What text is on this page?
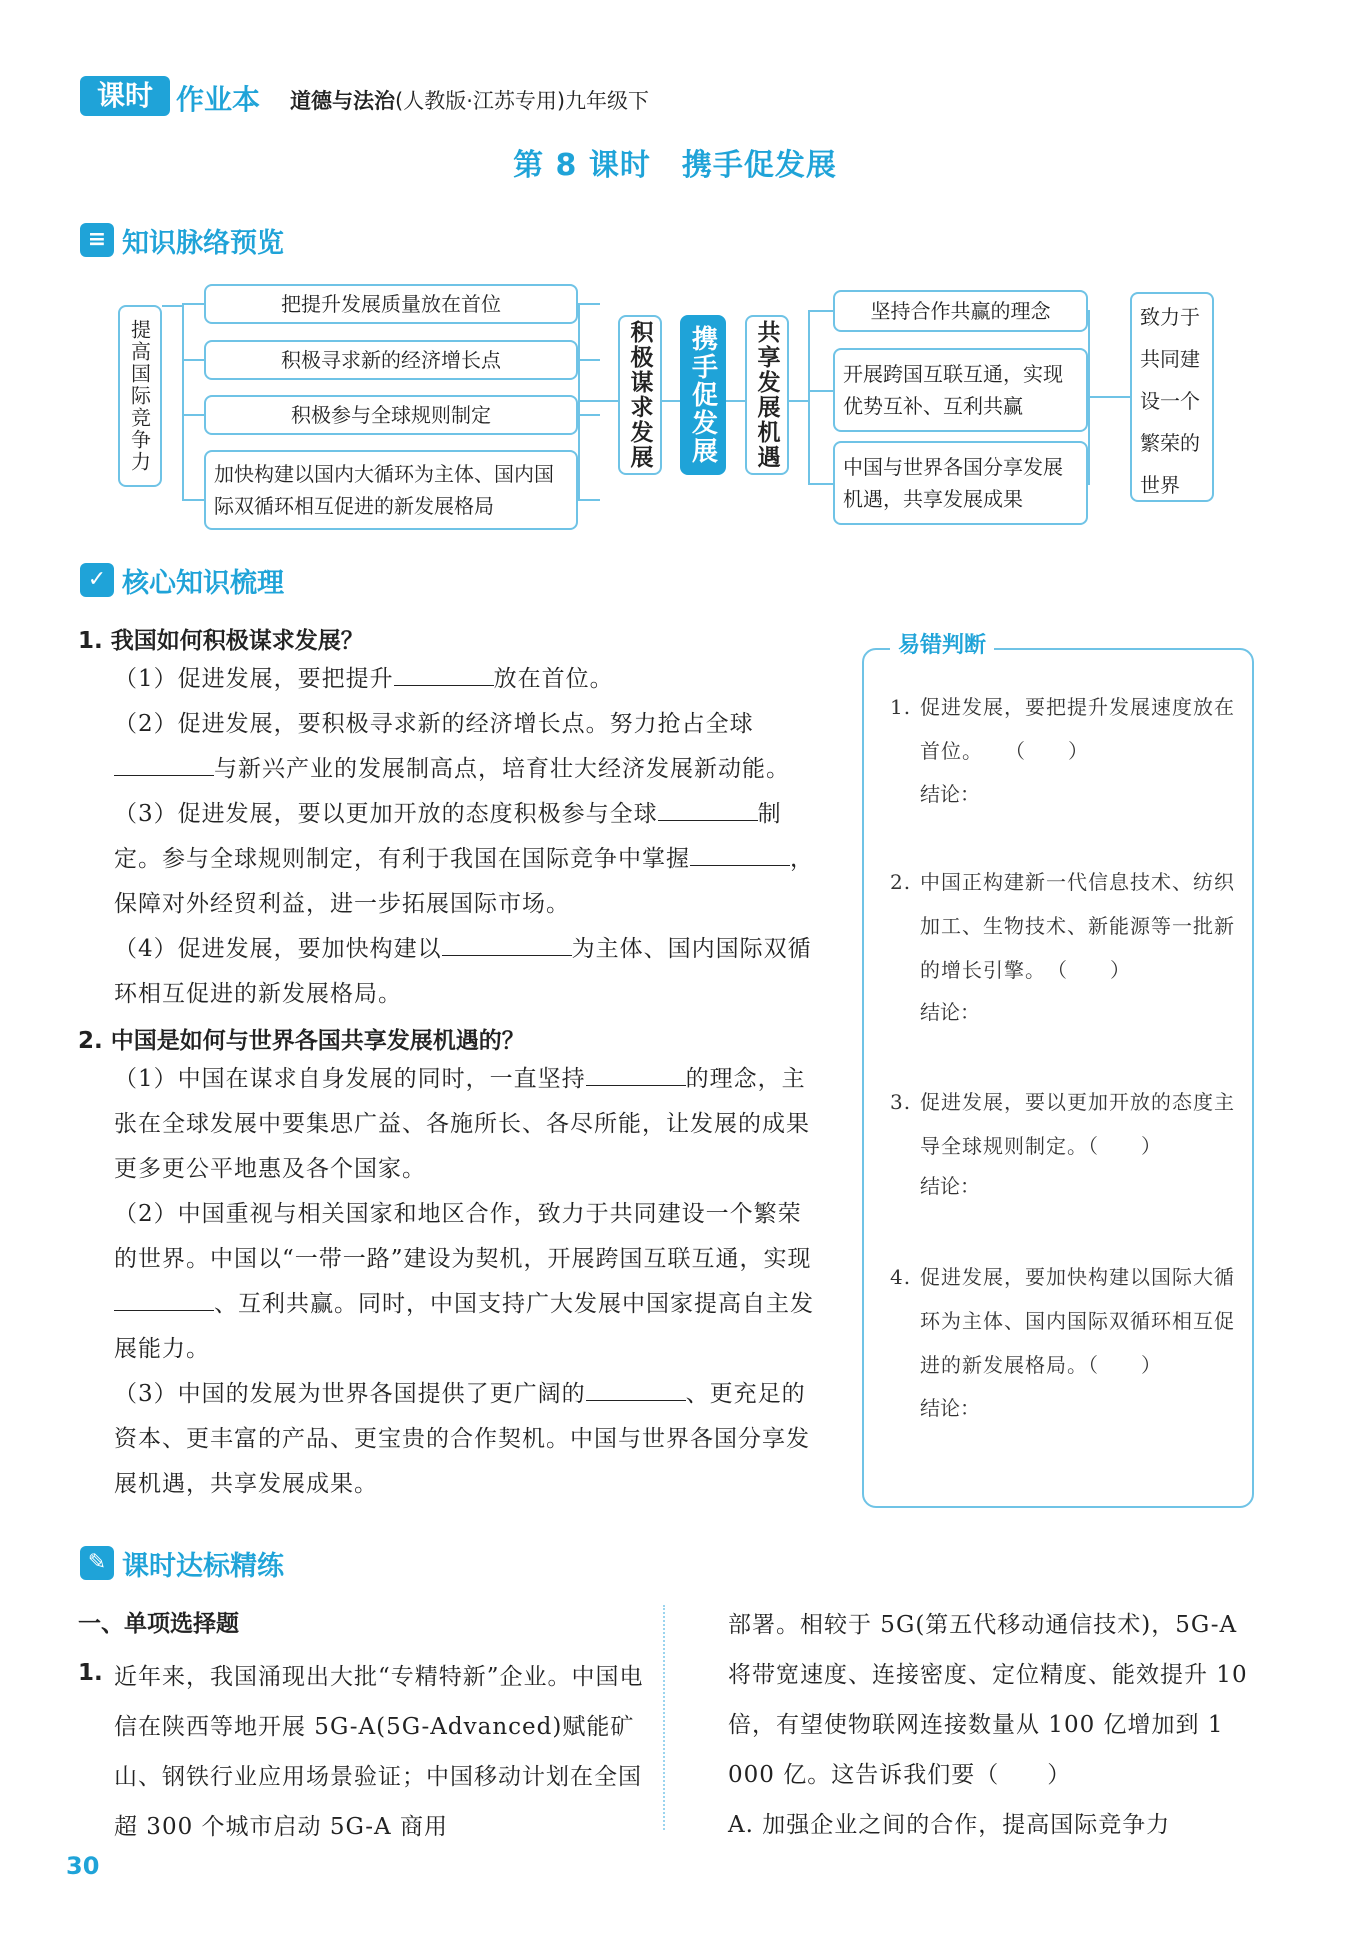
课时 作业本 道德与法治(人教版·江苏专用)九年级下
第 8 课时　携手促发展
≡ 知识脉络预览
提高国际竞争力
把提升发展质量放在首位
积极寻求新的经济增长点
积极参与全球规则制定
加快构建以国内大循环为主体、国内国际双循环相互促进的新发展格局
积极谋求发展	携手促发展	共享发展机遇
坚持合作共赢的理念
开展跨国互联互通，实现优势互补、互利共赢
中国与世界各国分享发展机遇，共享发展成果
致力于共同建设一个繁荣的世界
✓ 核心知识梳理
1. 我国如何积极谋求发展？
（1）促进发展，要把提升	放在首位。
（2）促进发展，要积极寻求新的经济增长点。努力抢占全球与新兴产业的发展制高点，培育壮大经济发展新动能。
（3）促进发展，要以更加开放的态度积极参与全球	制定。参与全球规则制定，有利于我国在国际竞争中掌握	，保障对外经贸利益，进一步拓展国际市场。
（4）促进发展，要加快构建以	为主体、国内国际双循环相互促进的新发展格局。
2. 中国是如何与世界各国共享发展机遇的？
（1）中国在谋求自身发展的同时，一直坚持	的理念，主张在全球发展中要集思广益、各施所长、各尽所能，让发展的成果更多更公平地惠及各个国家。
（2）中国重视与相关国家和地区合作，致力于共同建设一个繁荣的世界。中国以“一带一路”建设为契机，开展跨国互联互通，实现、互利共赢。同时，中国支持广大发展中国家提高自主发展能力。
（3）中国的发展为世界各国提供了更广阔的	、更充足的资本、更丰富的产品、更宝贵的合作契机。中国与世界各国分享发展机遇，共享发展成果。
易错判断
1. 促进发展，要把提升发展速度放在首位。　　（　　）
结论：
2. 中国正构建新一代信息技术、纺织加工、生物技术、新能源等一批新的增长引擎。　（　　）
结论：
3. 促进发展，要以更加开放的态度主导全球规则制定。（　　）
结论：
4. 促进发展，要加快构建以国际大循环为主体、国内国际双循环相互促进的新发展格局。（　　）
结论：
✎ 课时达标精练
一、单项选择题
1. 近年来，我国涌现出大批“专精特新”企业。中国电信在陕西等地开展 5G-A(5G-Advanced)赋能矿山、钢铁行业应用场景验证；中国移动计划在全国超 300 个城市启动 5G-A 商用
部署。相较于 5G(第五代移动通信技术)，5G-A 将带宽速度、连接密度、定位精度、能效提升 10 倍，有望使物联网连接数量从 100 亿增加到 1 000 亿。这告诉我们要（　　）
A. 加强企业之间的合作，提高国际竞争力
30
